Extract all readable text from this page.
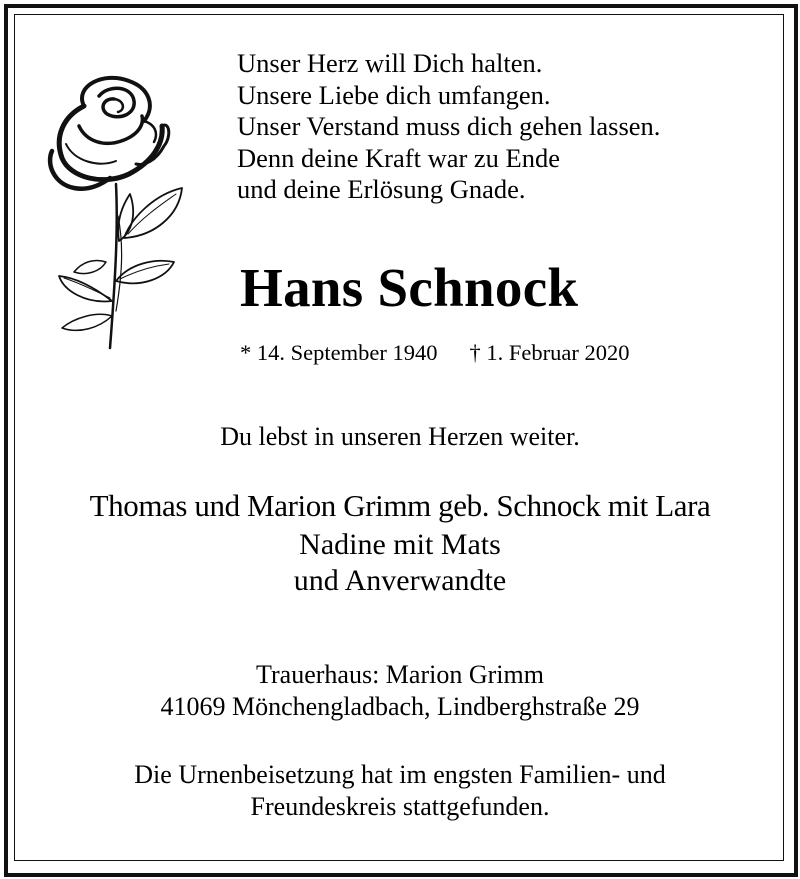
Unser Herz will Dich halten.
Unsere Liebe dich umfangen.
Unser Verstand muss dich gehen lassen.
Denn deine Kraft war zu Ende
und deine Erlösung Gnade.
Hans Schnock
* 14. September 1940 † 1. Februar 2020
Du lebst in unseren Herzen weiter.
Thomas und Marion Grimm geb. Schnock mit Lara
Nadine mit Mats
und Anverwandte
Trauerhaus: Marion Grimm
41069 Mönchengladbach, Lindberghstraße 29
Die Urnenbeisetzung hat im engsten Familien- und
Freundeskreis stattgefunden.
